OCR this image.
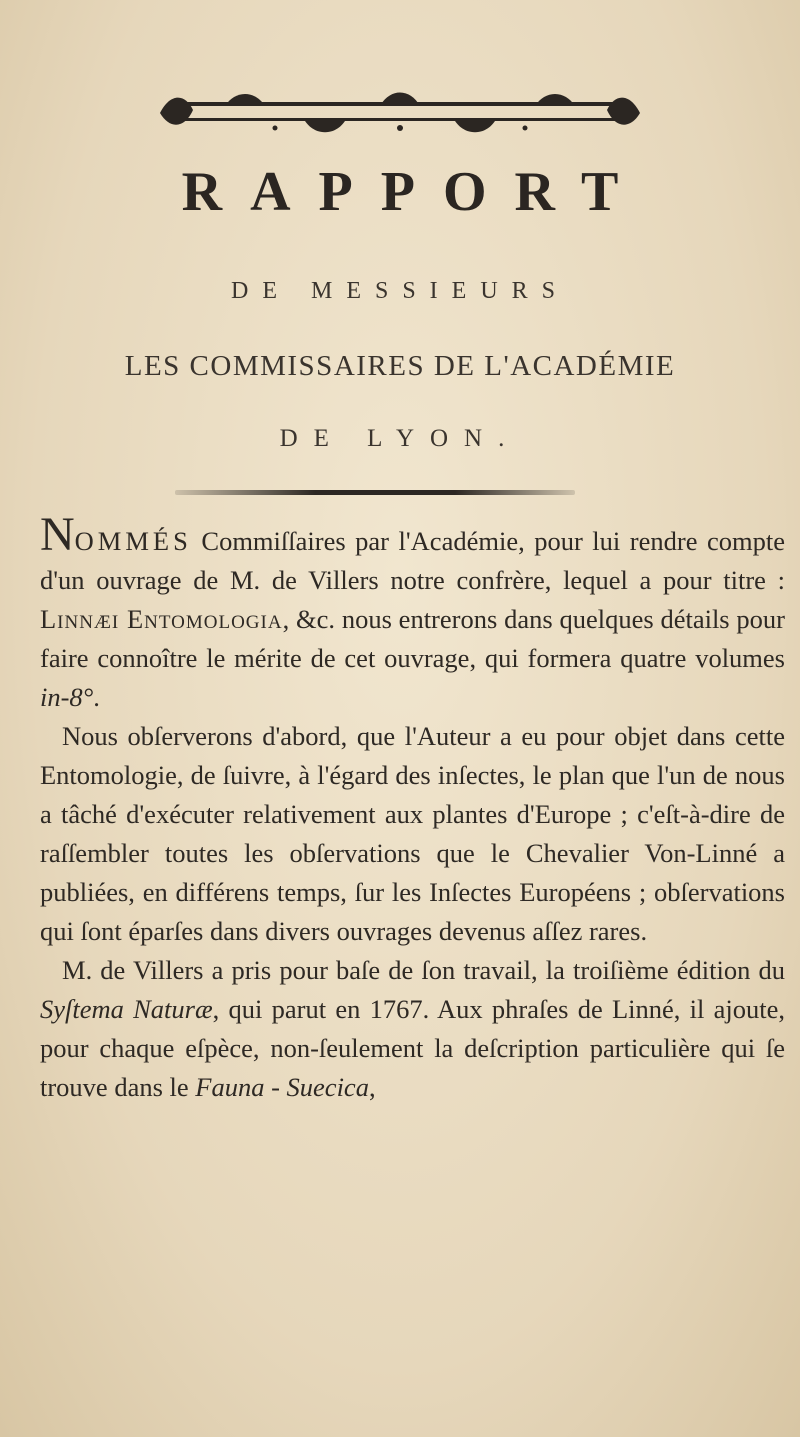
RAPPORT
DE MESSIEURS
LES COMMISSAIRES DE L'ACADÉMIE
DE LYON.

NOMMÉS Commiſſaires par l'Académie, pour lui rendre compte d'un ouvrage de M. de Villers notre confrère, lequel a pour titre : Linnæi Entomologia, &c. nous entrerons dans quelques détails pour faire connoître le mérite de cet ouvrage, qui formera quatre volumes in-8°.

Nous obſerverons d'abord, que l'Auteur a eu pour objet dans cette Entomologie, de ſuivre, à l'égard des inſectes, le plan que l'un de nous a tâché d'exécuter relativement aux plantes d'Europe ; c'eſt-à-dire de raſſembler toutes les obſervations que le Chevalier Von-Linné a publiées, en différens temps, ſur les Inſectes Européens ; obſervations qui ſont éparſes dans divers ouvrages devenus aſſez rares.

M. de Villers a pris pour baſe de ſon travail, la troiſième édition du Syſtema Naturæ, qui parut en 1767. Aux phraſes de Linné, il ajoute, pour chaque eſpèce, non-ſeulement la deſcription particulière qui ſe trouve dans le Fauna - Suecica,
